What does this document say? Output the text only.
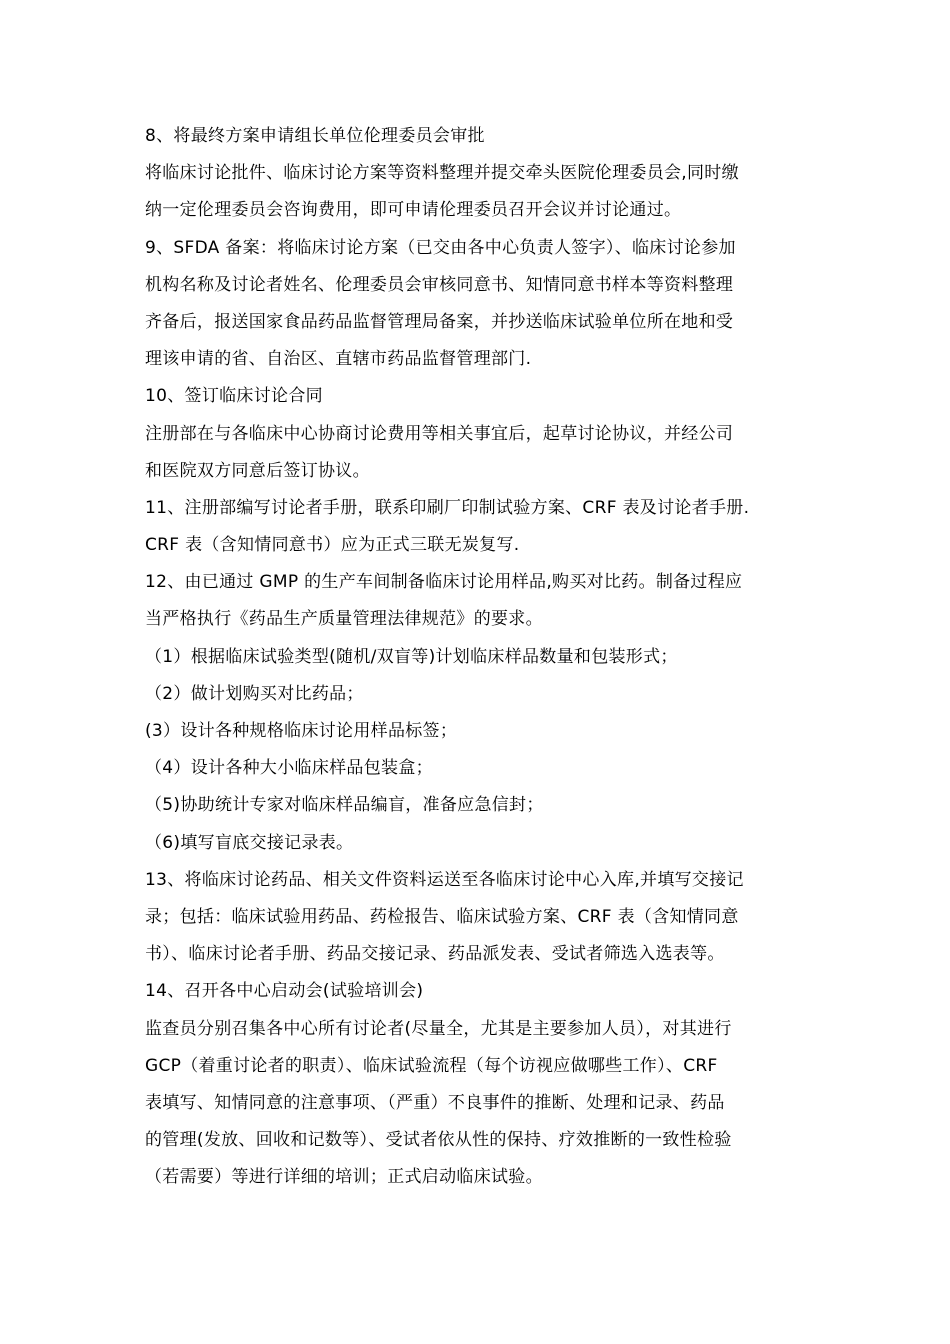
8、将最终方案申请组长单位伦理委员会审批
将临床讨论批件、临床讨论方案等资料整理并提交牵头医院伦理委员会,同时缴
纳一定伦理委员会咨询费用，即可申请伦理委员召开会议并讨论通过。
9、SFDA 备案：将临床讨论方案（已交由各中心负责人签字）、临床讨论参加
机构名称及讨论者姓名、伦理委员会审核同意书、知情同意书样本等资料整理
齐备后，报送国家食品药品监督管理局备案，并抄送临床试验单位所在地和受
理该申请的省、自治区、直辖市药品监督管理部门.
10、签订临床讨论合同
注册部在与各临床中心协商讨论费用等相关事宜后，起草讨论协议，并经公司
和医院双方同意后签订协议。
11、注册部编写讨论者手册，联系印刷厂印制试验方案、CRF 表及讨论者手册.
CRF 表（含知情同意书）应为正式三联无炭复写.
12、由已通过 GMP 的生产车间制备临床讨论用样品,购买对比药。制备过程应
当严格执行《药品生产质量管理法律规范》的要求。
（1）根据临床试验类型(随机/双盲等)计划临床样品数量和包装形式；
（2）做计划购买对比药品；
(3）设计各种规格临床讨论用样品标签；
（4）设计各种大小临床样品包装盒；
（5)协助统计专家对临床样品编盲，准备应急信封；
（6)填写盲底交接记录表。
13、将临床讨论药品、相关文件资料运送至各临床讨论中心入库,并填写交接记
录；包括：临床试验用药品、药检报告、临床试验方案、CRF 表（含知情同意
书）、临床讨论者手册、药品交接记录、药品派发表、受试者筛选入选表等。
14、召开各中心启动会(试验培训会)
监查员分别召集各中心所有讨论者(尽量全，尤其是主要参加人员），对其进行
GCP（着重讨论者的职责）、临床试验流程（每个访视应做哪些工作）、CRF
表填写、知情同意的注意事项、（严重）不良事件的推断、处理和记录、药品
的管理(发放、回收和记数等）、受试者依从性的保持、疗效推断的一致性检验
（若需要）等进行详细的培训；正式启动临床试验。
